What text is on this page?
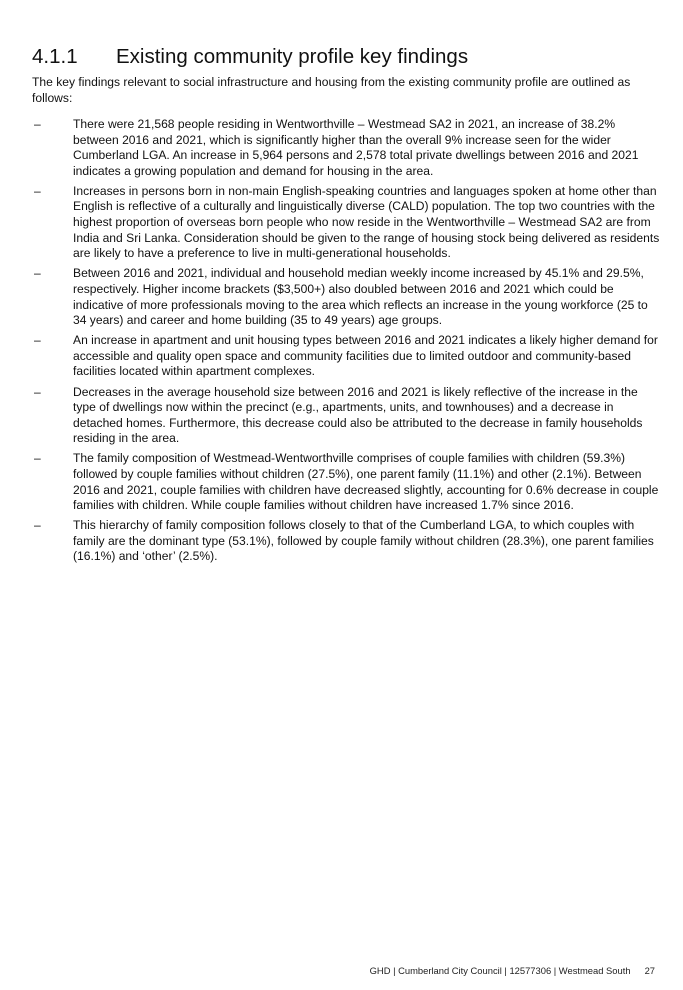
4.1.1 Existing community profile key findings

The key findings relevant to social infrastructure and housing from the existing community profile are outlined as follows:

–	There were 21,568 people residing in Wentworthville – Westmead SA2 in 2021, an increase of 38.2% between 2016 and 2021, which is significantly higher than the overall 9% increase seen for the wider Cumberland LGA. An increase in 5,964 persons and 2,578 total private dwellings between 2016 and 2021 indicates a growing population and demand for housing in the area.
–	Increases in persons born in non-main English-speaking countries and languages spoken at home other than English is reflective of a culturally and linguistically diverse (CALD) population. The top two countries with the highest proportion of overseas born people who now reside in the Wentworthville – Westmead SA2 are from India and Sri Lanka. Consideration should be given to the range of housing stock being delivered as residents are likely to have a preference to live in multi-generational households.
–	Between 2016 and 2021, individual and household median weekly income increased by 45.1% and 29.5%, respectively. Higher income brackets ($3,500+) also doubled between 2016 and 2021 which could be indicative of more professionals moving to the area which reflects an increase in the young workforce (25 to 34 years) and career and home building (35 to 49 years) age groups.
–	An increase in apartment and unit housing types between 2016 and 2021 indicates a likely higher demand for accessible and quality open space and community facilities due to limited outdoor and community-based facilities located within apartment complexes.
–	Decreases in the average household size between 2016 and 2021 is likely reflective of the increase in the type of dwellings now within the precinct (e.g., apartments, units, and townhouses) and a decrease in detached homes. Furthermore, this decrease could also be attributed to the decrease in family households residing in the area.
–	The family composition of Westmead-Wentworthville comprises of couple families with children (59.3%) followed by couple families without children (27.5%), one parent family (11.1%) and other (2.1%). Between 2016 and 2021, couple families with children have decreased slightly, accounting for 0.6% decrease in couple families with children. While couple families without children have increased 1.7% since 2016.
–	This hierarchy of family composition follows closely to that of the Cumberland LGA, to which couples with family are the dominant type (53.1%), followed by couple family without children (28.3%), one parent families (16.1%) and ‘other’ (2.5%).
GHD | Cumberland City Council | 12577306 | Westmead South 27
